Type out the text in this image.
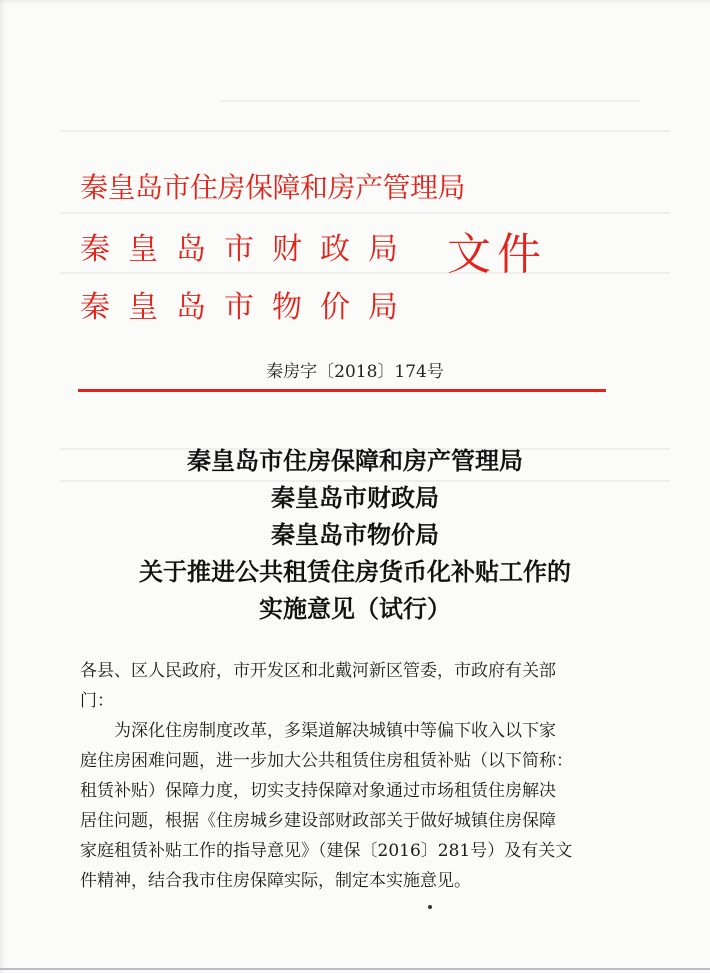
秦皇岛市住房保障和房产管理局
秦皇岛市财政局
秦皇岛市物价局
文件
秦房字〔2018〕174号
秦皇岛市住房保障和房产管理局
秦皇岛市财政局
秦皇岛市物价局
关于推进公共租赁住房货币化补贴工作的
实施意见（试行）
各县、区人民政府，市开发区和北戴河新区管委，市政府有关部
门：
　　为深化住房制度改革，多渠道解决城镇中等偏下收入以下家
庭住房困难问题，进一步加大公共租赁住房租赁补贴（以下简称：
租赁补贴）保障力度，切实支持保障对象通过市场租赁住房解决
居住问题，根据《住房城乡建设部财政部关于做好城镇住房保障
家庭租赁补贴工作的指导意见》（建保〔2016〕281号）及有关文
件精神，结合我市住房保障实际，制定本实施意见。
